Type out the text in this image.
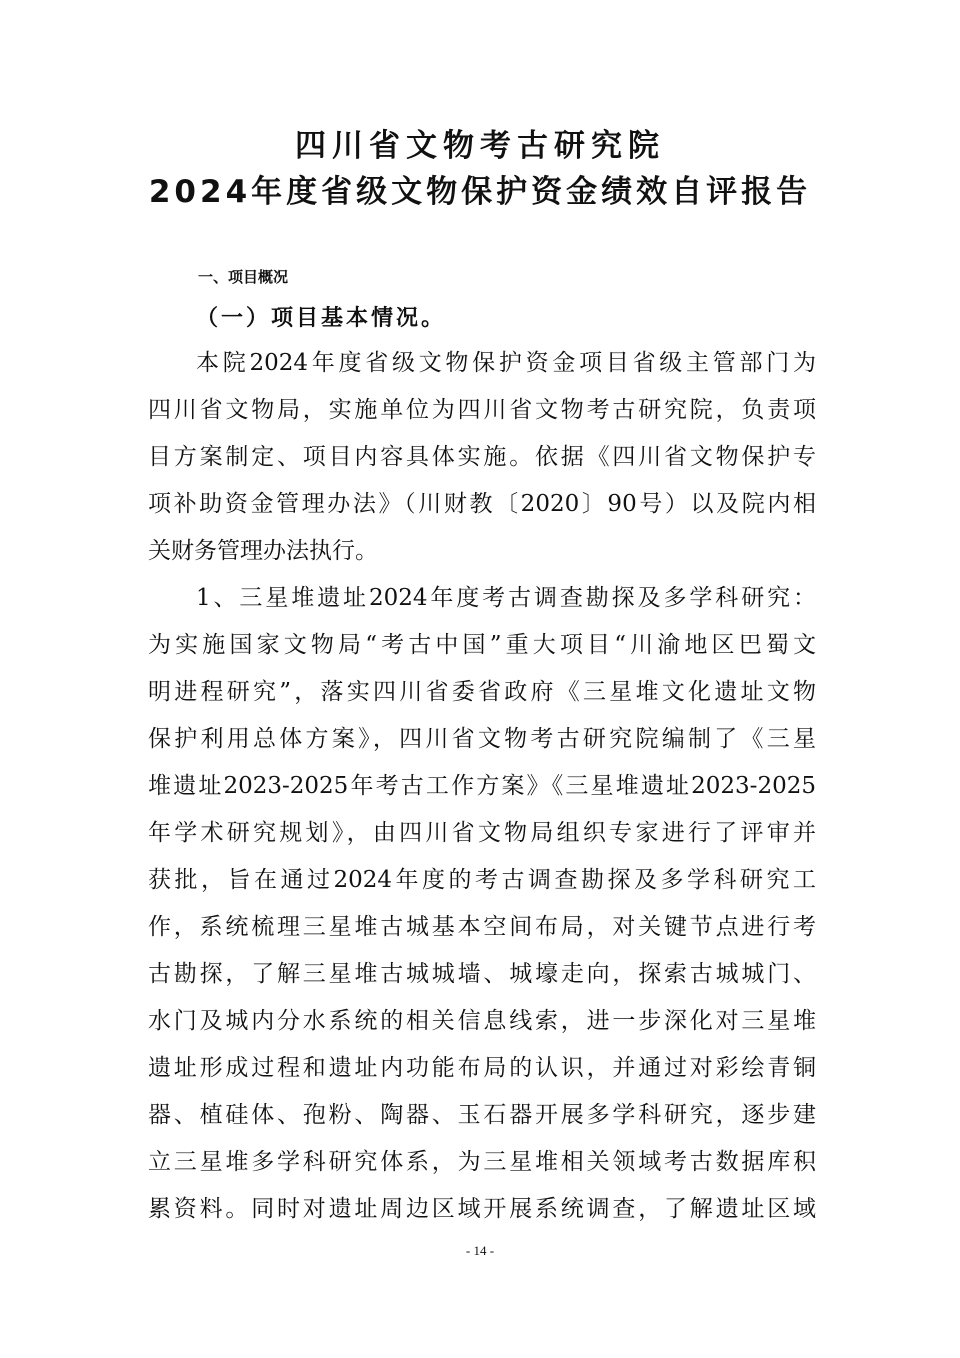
四川省文物考古研究院
2024年度省级文物保护资金绩效自评报告
一、项目概况
（一）项目基本情况。
本院2024年度省级文物保护资金项目省级主管部门为
四川省文物局，实施单位为四川省文物考古研究院，负责项
目方案制定、项目内容具体实施。依据《四川省文物保护专
项补助资金管理办法》（川财教〔2020〕90号）以及院内相
关财务管理办法执行。
1、三星堆遗址2024年度考古调查勘探及多学科研究：
为实施国家文物局“考古中国”重大项目“川渝地区巴蜀文
明进程研究”，落实四川省委省政府《三星堆文化遗址文物
保护利用总体方案》，四川省文物考古研究院编制了《三星
堆遗址2023-2025年考古工作方案》《三星堆遗址2023-2025
年学术研究规划》，由四川省文物局组织专家进行了评审并
获批，旨在通过2024年度的考古调查勘探及多学科研究工
作，系统梳理三星堆古城基本空间布局，对关键节点进行考
古勘探，了解三星堆古城城墙、城壕走向，探索古城城门、
水门及城内分水系统的相关信息线索，进一步深化对三星堆
遗址形成过程和遗址内功能布局的认识，并通过对彩绘青铜
器、植硅体、孢粉、陶器、玉石器开展多学科研究，逐步建
立三星堆多学科研究体系，为三星堆相关领域考古数据库积
累资料。同时对遗址周边区域开展系统调查，了解遗址区域
- 14 -
